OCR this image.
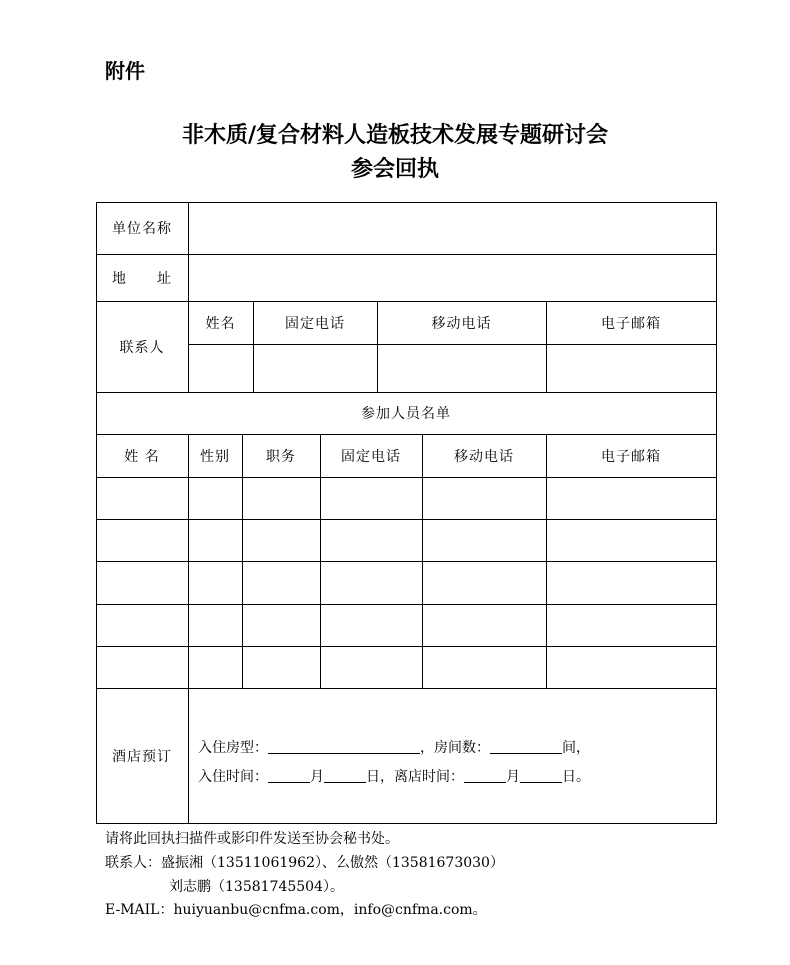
附件
非木质/复合材料人造板技术发展专题研讨会
参会回执
单位名称
地　　址
联系人
姓名	固定电话	移动电话	电子邮箱
参加人员名单
姓 名	性别	职务	固定电话	移动电话	电子邮箱
酒店预订
入住房型：	，房间数：	间，
入住时间：	月	日，离店时间：	月	日。
请将此回执扫描件或影印件发送至协会秘书处。
联系人：盛振湘（13511061962）、么傲然（13581673030）
刘志鹏（13581745504）。
E-MAIL：huiyuanbu@cnfma.com，info@cnfma.com。
